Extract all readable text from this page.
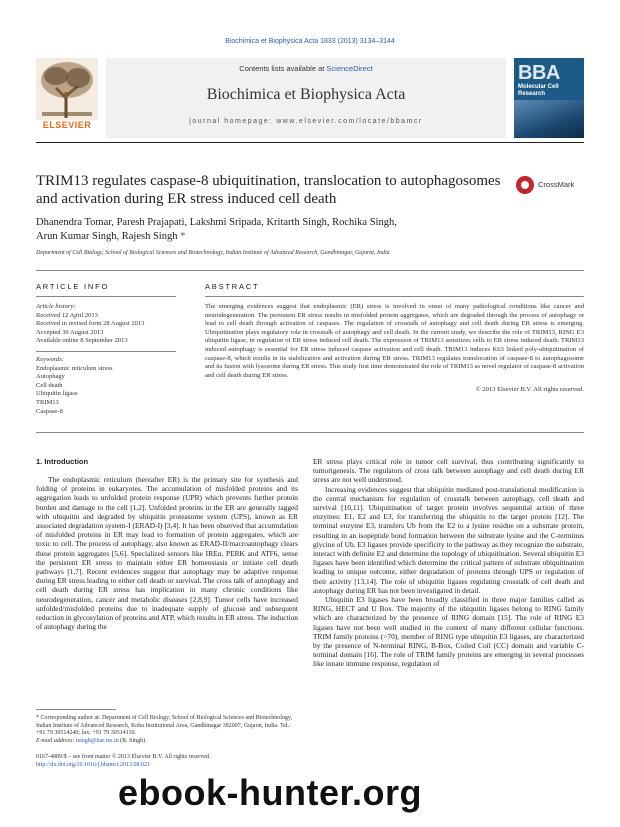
Biochimica et Biophysica Acta 1833 (2013) 3134–3144
ELSEVIER
Contents lists available at ScienceDirect
Biochimica et Biophysica Acta
journal homepage: www.elsevier.com/locate/bbamcr
BBA
Molecular Cell Research
TRIM13 regulates caspase-8 ubiquitination, translocation to autophagosomes and activation during ER stress induced cell death
CrossMark
Dhanendra Tomar, Paresh Prajapati, Lakshmi Sripada, Kritarth Singh, Rochika Singh,
Arun Kumar Singh, Rajesh Singh *
Department of Cell Biology, School of Biological Sciences and Biotechnology, Indian Institute of Advanced Research, Gandhinagar, Gujarat, India
ARTICLE INFO	ABSTRACT
Article history:
Received 12 April 2013
Received in revised form 28 August 2013
Accepted 30 August 2013
Available online 8 September 2013
Keywords:
Endoplasmic reticulum stress
Autophagy
Cell death
Ubiquitin ligase
TRIM13
Caspase-8
The emerging evidences suggest that endoplasmic (ER) stress is involved in onset of many pathological conditions like cancer and neurodegeneration. The persistent ER stress results in misfolded protein aggregates, which are degraded through the process of autophagy or lead to cell death through activation of caspases. The regulation of crosstalk of autophagy and cell death during ER stress is emerging. Ubiquitination plays regulatory role in crosstalk of autophagy and cell death. In the current study, we describe the role of TRIM13, RING E3 ubiquitin ligase, in regulation of ER stress induced cell death. The expression of TRIM13 sensitizes cells to ER stress induced death. TRIM13 induced autophagy is essential for ER stress induced caspase activation and cell death. TRIM13 induces K63 linked poly-ubiquitination of caspase-8, which results in its stabilization and activation during ER stress. TRIM13 regulates translocation of caspase-8 to autophagosome and its fusion with lysosome during ER stress. This study first time demonstrated the role of TRIM13 as novel regulator of caspase-8 activation and cell death during ER stress.
© 2013 Elsevier B.V. All rights reserved.
1. Introduction

The endoplasmic reticulum (hereafter ER) is the primary site for synthesis and folding of proteins in eukaryotes. The accumulation of misfolded proteins and its aggregation leads to unfolded protein response (UPR) which prevents further protein burden and damage to the cell [1,2]. Unfolded proteins in the ER are generally tagged with ubiquitin and degraded by ubiquitin proteasome system (UPS), known as ER associated degradation system-I (ERAD-I) [3,4]. It has been observed that accumulation of misfolded proteins in ER may lead to formation of protein aggregates, which are toxic to cell. The process of autophagy, also known as ERAD-II/macroautophagy clears these protein aggregates [5,6]. Specialized sensors like IREα, PERK and ATF6, sense the persistent ER stress to maintain either ER homeostasis or initiate cell death pathways [1,7]. Recent evidences suggest that autophagy may be adaptive response during ER stress leading to either cell death or survival. The cross talk of autophagy and cell death during ER stress has implication in many chronic conditions like neurodegeneration, cancer and metabolic diseases [2,8,9]. Tumor cells have increased unfolded/misfolded proteins due to inadequate supply of glucose and subsequent reduction in glycosylation of proteins and ATP, which results in ER stress. The induction of autophagy during the

ER stress plays critical role in tumor cell survival, thus contributing significantly to tumorigenesis. The regulators of cross talk between autophagy and cell death during ER stress are not well understood.

Increasing evidences suggest that ubiquitin mediated post-translational modification is the central mechanism for regulation of crosstalk between autophagy, cell death and survival [10,11]. Ubiquitination of target protein involves sequential action of three enzymes: E1, E2 and E3, for transferring the ubiquitin to the target protein [12]. The terminal enzyme E3, transfers Ub from the E2 to a lysine residue on a substrate protein, resulting in an isopeptide bond formation between the substrate lysine and the C-terminus glycine of Ub. E3 ligases provide specificity to the pathway as they recognize the substrate, interact with definite E2 and determine the topology of ubiquitination. Several ubiquitin E3 ligases have been identified which determine the critical pattern of substrate ubiquitination leading to unique outcome, either degradation of proteins through UPS or regulation of their activity [13,14]. The role of ubiquitin ligases regulating crosstalk of cell death and autophagy during ER has not been investigated in detail.

Ubiquitin E3 ligases have been broadly classified in three major families called as RING, HECT and U Box. The majority of the ubiquitin ligases belong to RING family which are characterized by the presence of RING domain [15]. The role of RING E3 ligases have not been well studied in the context of many different cellular functions. TRIM family proteins (>70), member of RING type ubiquitin E3 ligases, are characterized by the presence of N-terminal RING, B-Box, Coiled Coil (CC) domain and variable C-terminal domain [16]. The role of TRIM family proteins are emerging in several processes like innate immune response, regulation of

* Corresponding author at: Department of Cell Biology, School of Biological Sciences and Biotechnology, Indian Institute of Advanced Research, Koba Institutional Area, Gandhinagar 382007, Gujarat, India. Tel.: +91 79 30514240; fax: +91 79 30514110.
E-mail address: rsingh@iiar.res.in (R. Singh).
0167-4889/$ – see front matter © 2013 Elsevier B.V. All rights reserved.
http://dx.doi.org/10.1016/j.bbamcr.2013.08.021
ebook-hunter.org
